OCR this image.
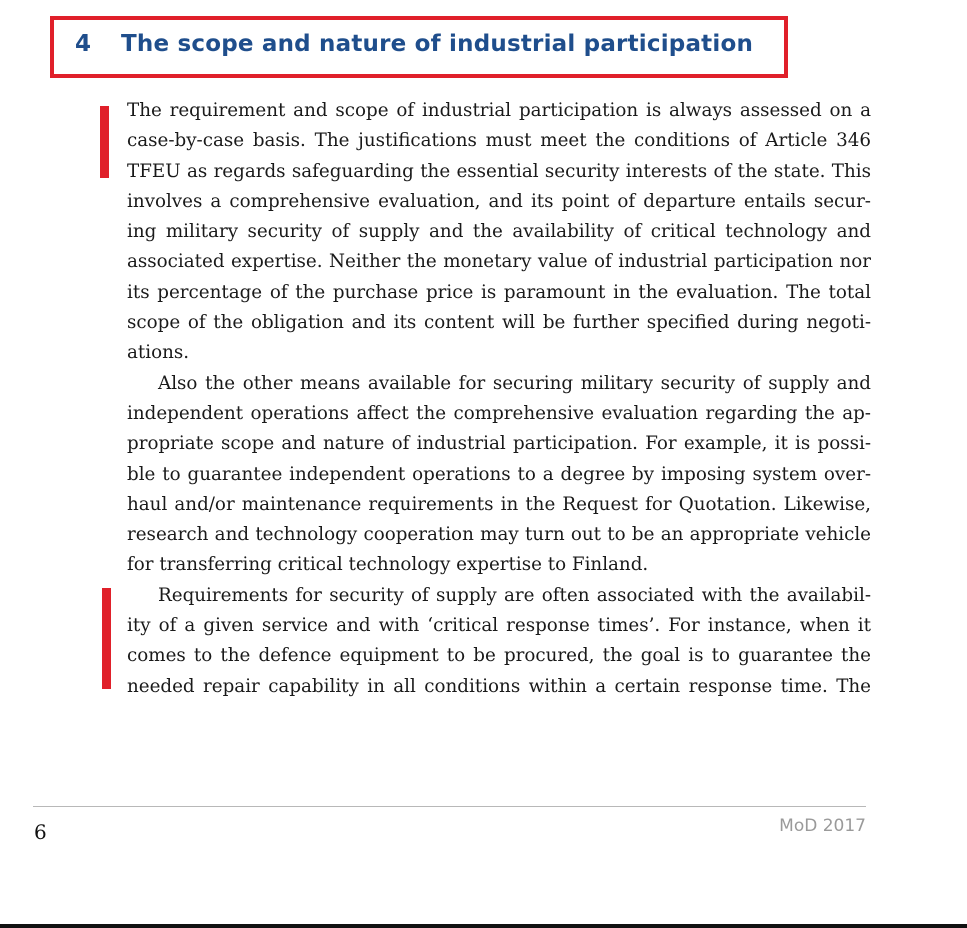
4 The scope and nature of industrial participation
The requirement and scope of industrial participation is always assessed on a
case-by-case basis. The justifications must meet the conditions of Article 346
TFEU as regards safeguarding the essential security interests of the state. This
involves a comprehensive evaluation, and its point of departure entails secur-
ing military security of supply and the availability of critical technology and
associated expertise. Neither the monetary value of industrial participation nor
its percentage of the purchase price is paramount in the evaluation. The total
scope of the obligation and its content will be further specified during negoti-
ations.
Also the other means available for securing military security of supply and
independent operations affect the comprehensive evaluation regarding the ap-
propriate scope and nature of industrial participation. For example, it is possi-
ble to guarantee independent operations to a degree by imposing system over-
haul and/or maintenance requirements in the Request for Quotation. Likewise,
research and technology cooperation may turn out to be an appropriate vehicle
for transferring critical technology expertise to Finland.
Requirements for security of supply are often associated with the availabil-
ity of a given service and with ‘critical response times’. For instance, when it
comes to the defence equipment to be procured, the goal is to guarantee the
needed repair capability in all conditions within a certain response time. The
6	MoD 2017
